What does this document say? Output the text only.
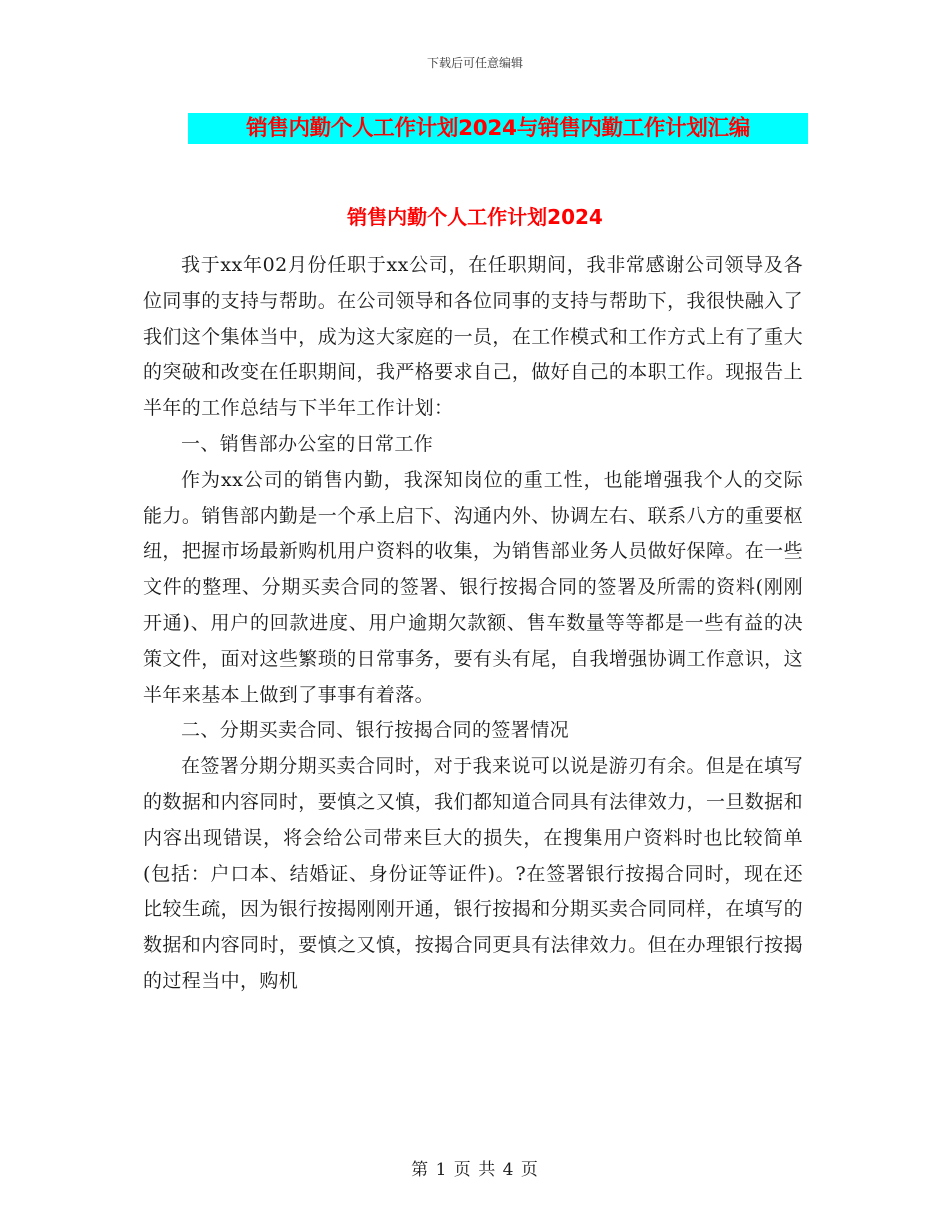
下载后可任意编辑
销售内勤个人工作计划2024与销售内勤工作计划汇编
销售内勤个人工作计划2024

我于xx年02月份任职于xx公司，在任职期间，我非常感谢公司领导及各位同事的支持与帮助。在公司领导和各位同事的支持与帮助下，我很快融入了我们这个集体当中，成为这大家庭的一员，在工作模式和工作方式上有了重大的突破和改变在任职期间，我严格要求自己，做好自己的本职工作。现报告上半年的工作总结与下半年工作计划：

一、销售部办公室的日常工作

作为xx公司的销售内勤，我深知岗位的重工性，也能增强我个人的交际能力。销售部内勤是一个承上启下、沟通内外、协调左右、联系八方的重要枢纽，把握市场最新购机用户资料的收集，为销售部业务人员做好保障。在一些文件的整理、分期买卖合同的签署、银行按揭合同的签署及所需的资料(刚刚开通)、用户的回款进度、用户逾期欠款额、售车数量等等都是一些有益的决策文件，面对这些繁琐的日常事务，要有头有尾，自我增强协调工作意识，这半年来基本上做到了事事有着落。

二、分期买卖合同、银行按揭合同的签署情况

在签署分期分期买卖合同时，对于我来说可以说是游刃有余。但是在填写的数据和内容同时，要慎之又慎，我们都知道合同具有法律效力，一旦数据和内容出现错误，将会给公司带来巨大的损失，在搜集用户资料时也比较简单(包括：户口本、结婚证、身份证等证件)。?在签署银行按揭合同时，现在还比较生疏，因为银行按揭刚刚开通，银行按揭和分期买卖合同同样，在填写的数据和内容同时，要慎之又慎，按揭合同更具有法律效力。但在办理银行按揭的过程当中，购机

第 1 页 共 4 页
